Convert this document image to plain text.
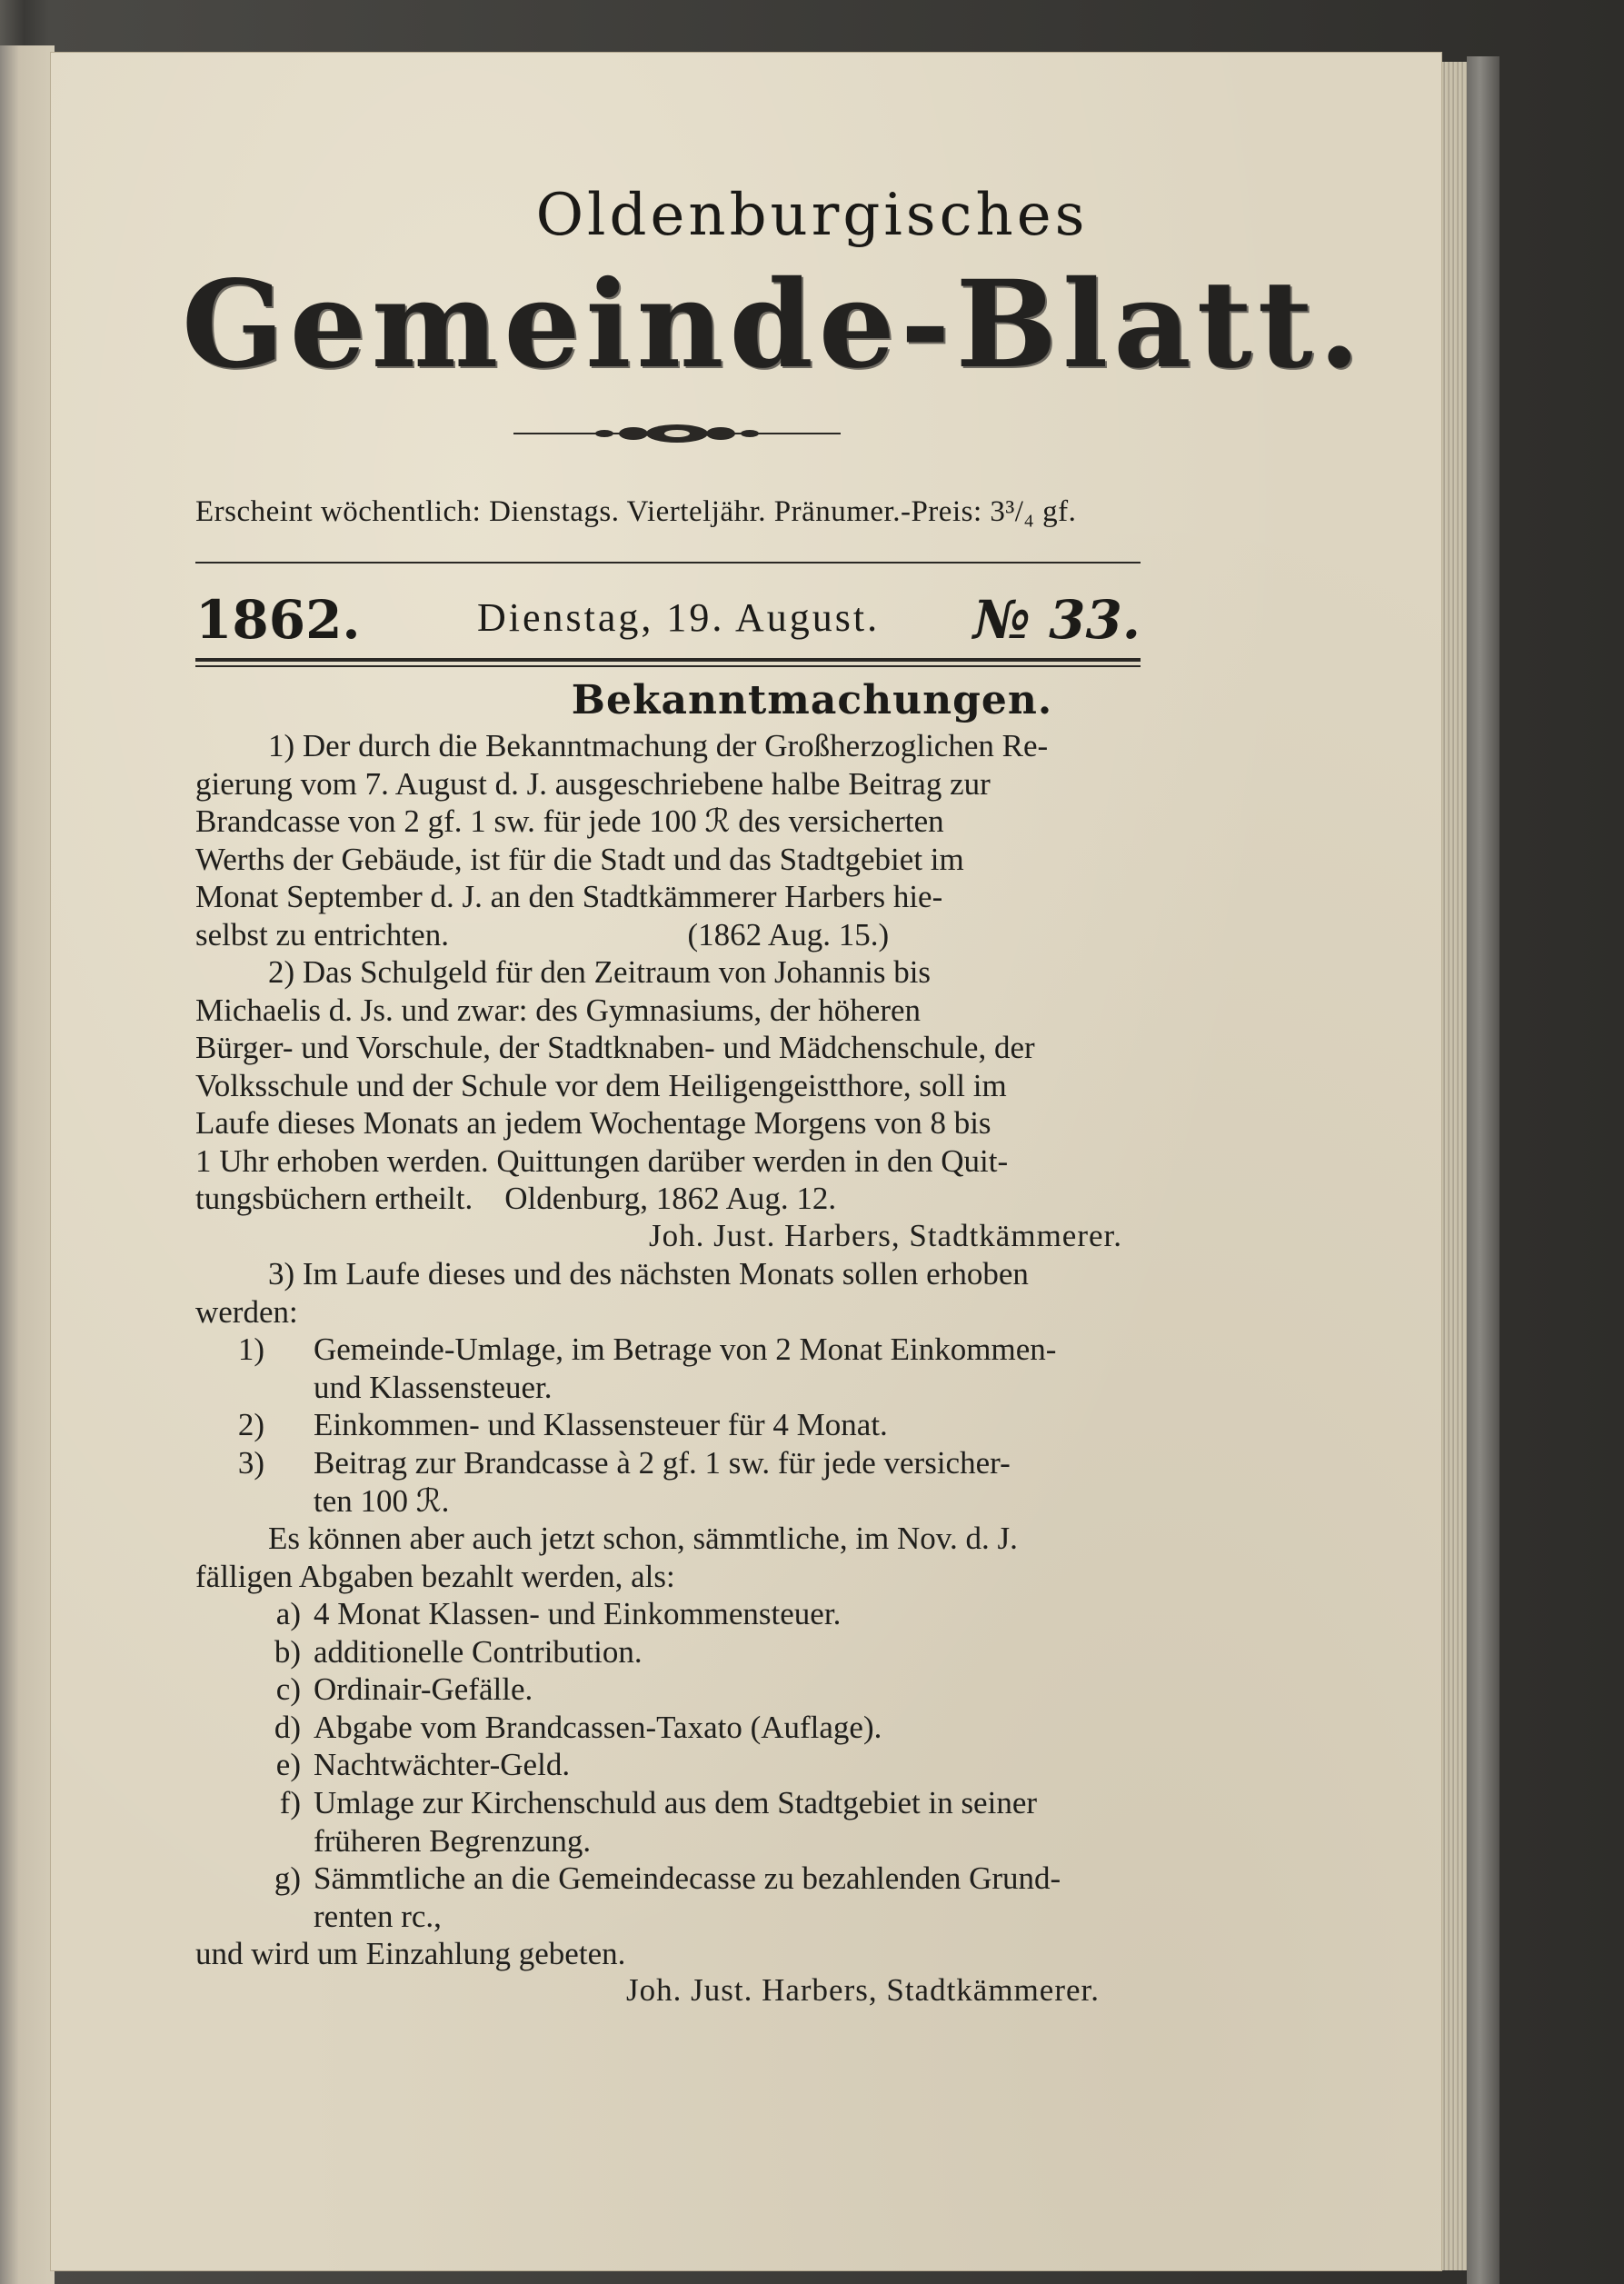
Oldenburgisches
Gemeinde-Blatt.
Erscheint wöchentlich: Dienstags. Vierteljähr. Pränumer.-Preis: 3³/₄ gf.
1862.	Dienstag, 19. August. № 33.
Bekanntmachungen.
1) Der durch die Bekanntmachung der Großherzoglichen Re-
gierung vom 7. August d. J. ausgeschriebene halbe Beitrag zur
Brandcasse von 2 gf. 1 sw. für jede 100 ℛ des versicherten
Werths der Gebäude, ist für die Stadt und das Stadtgebiet im
Monat September d. J. an den Stadtkämmerer Harbers hie-
selbst zu entrichten.                              (1862 Aug. 15.)
2) Das Schulgeld für den Zeitraum von Johannis bis
Michaelis d. Js. und zwar: des Gymnasiums, der höheren
Bürger- und Vorschule, der Stadtknaben- und Mädchenschule, der
Volksschule und der Schule vor dem Heiligengeistthore, soll im
Laufe dieses Monats an jedem Wochentage Morgens von 8 bis
1 Uhr erhoben werden. Quittungen darüber werden in den Quit-
tungsbüchern ertheilt.    Oldenburg, 1862 Aug. 12.
Joh. Just. Harbers, Stadtkämmerer.
3) Im Laufe dieses und des nächsten Monats sollen erhoben
werden:
1) Gemeinde-Umlage, im Betrage von 2 Monat Einkommen-
und Klassensteuer.
2) Einkommen- und Klassensteuer für 4 Monat.
3) Beitrag zur Brandcasse à 2 gf. 1 sw. für jede versicher-
ten 100 ℛ.
Es können aber auch jetzt schon, sämmtliche, im Nov. d. J.
fälligen Abgaben bezahlt werden, als:
a) 4 Monat Klassen- und Einkommensteuer.
b) additionelle Contribution.
c) Ordinair-Gefälle.
d) Abgabe vom Brandcassen-Taxato (Auflage).
e) Nachtwächter-Geld.
f) Umlage zur Kirchenschuld aus dem Stadtgebiet in seiner
früheren Begrenzung.
g) Sämmtliche an die Gemeindecasse zu bezahlenden Grund-
renten rc.,
und wird um Einzahlung gebeten.
Joh. Just. Harbers, Stadtkämmerer.
